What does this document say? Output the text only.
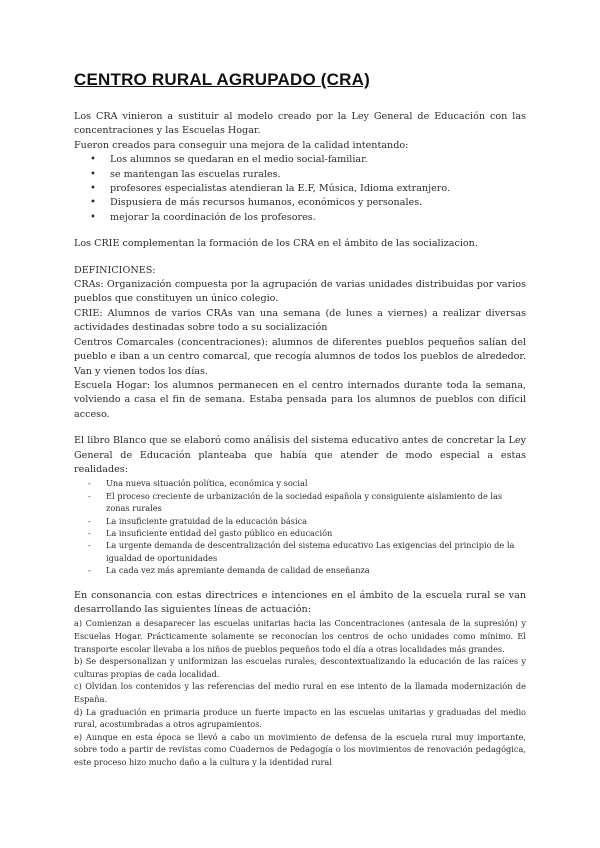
CENTRO RURAL AGRUPADO (CRA)

Los CRA vinieron a sustituir al modelo creado por la Ley General de Educación con las concentraciones y las Escuelas Hogar.

Fueron creados para conseguir una mejora de la calidad intentando:

• Los alumnos se quedaran en el medio social-familiar.
• se mantengan las escuelas rurales.
• profesores especialistas atendieran la E.F, Música, Idioma extranjero.
• Dispusiera de más recursos humanos, económicos y personales.
• mejorar la coordinación de los profesores.

Los CRIE complementan la formación de los CRA en el ámbito de las socializacion.

DEFINICIONES:

CRAs: Organización compuesta por la agrupación de varias unidades distribuidas por varios pueblos que constituyen un único colegio.

CRIE: Alumnos de varios CRAs van una semana (de lunes a viernes) a realizar diversas actividades destinadas sobre todo a su socialización

Centros Comarcales (concentraciones): alumnos de diferentes pueblos pequeños salían del pueblo e iban a un centro comarcal, que recogía alumnos de todos los pueblos de alrededor. Van y vienen todos los días.

Escuela Hogar: los alumnos permanecen en el centro internados durante toda la semana, volviendo a casa el fin de semana. Estaba pensada para los alumnos de pueblos con difícil acceso.

El libro Blanco que se elaboró como análisis del sistema educativo antes de concretar la Ley General de Educación planteaba que había que atender de modo especial a estas realidades:

- Una nueva situación política, económica y social
- El proceso creciente de urbanización de la sociedad española y consiguiente aislamiento de las zonas rurales
- La insuficiente gratuidad de la educación básica
- La insuficiente entidad del gasto público en educación
- La urgente demanda de descentralización del sistema educativo Las exigencias del principio de la igualdad de oportunidades
- La cada vez más apremiante demanda de calidad de enseñanza

En consonancia con estas directrices e intenciones en el ámbito de la escuela rural se van desarrollando las siguientes líneas de actuación:

a) Comienzan a desaparecer las escuelas unitarias hacia las Concentraciones (antesala de la supresión) y Escuelas Hogar. Prácticamente solamente se reconocían los centros de ocho unidades como mínimo. El transporte escolar llevaba a los niños de pueblos pequeños todo el día a otras localidades más grandes.

b) Se despersonalizan y uniformizan las escuelas rurales, descontextualizando la educación de las raíces y culturas propias de cada localidad.

c) Olvidan los contenidos y las referencias del medio rural en ese intento de la llamada modernización de España.

d) La graduación en primaria produce un fuerte impacto en las escuelas unitarias y graduadas del medio rural, acostumbradas a otros agrupamientos.

e) Aunque en esta época se llevó a cabo un movimiento de defensa de la escuela rural muy importante, sobre todo a partir de revistas como Cuadernos de Pedagogía o los movimientos de renovación pedagógica, este proceso hizo mucho daño a la cultura y la identidad rural
